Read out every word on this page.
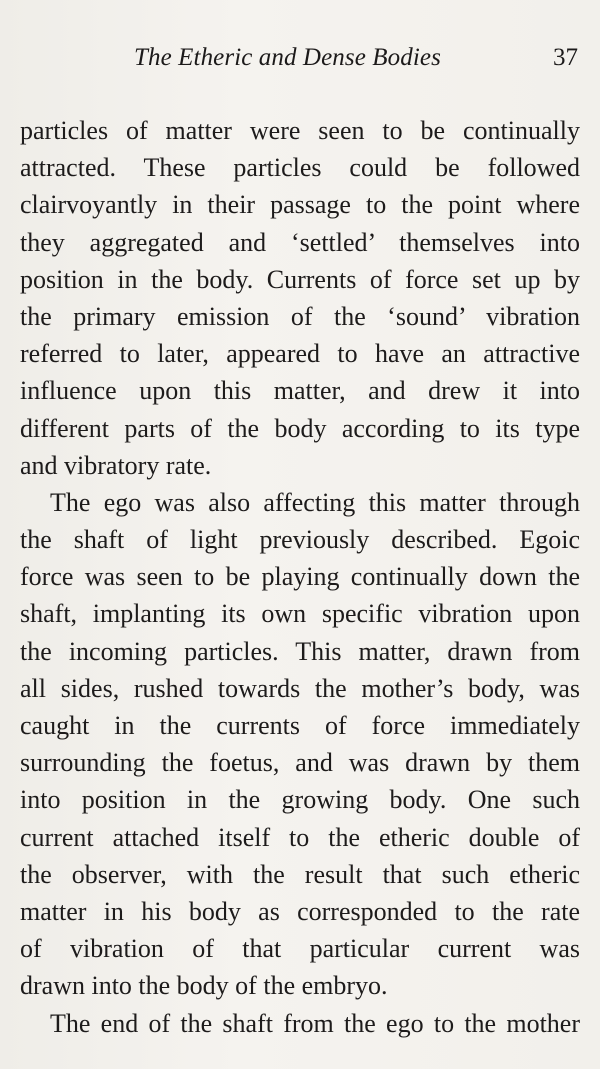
The Etheric and Dense Bodies	37
particles of matter were seen to be continually
attracted. These particles could be followed
clairvoyantly in their passage to the point where
they aggregated and ‘settled’ themselves into
position in the body. Currents of force set up by
the primary emission of the ‘sound’ vibration
referred to later, appeared to have an attractive
influence upon this matter, and drew it into
different parts of the body according to its type
and vibratory rate.
The ego was also affecting this matter through
the shaft of light previously described. Egoic
force was seen to be playing continually down the
shaft, implanting its own specific vibration upon
the incoming particles. This matter, drawn from
all sides, rushed towards the mother’s body, was
caught in the currents of force immediately
surrounding the foetus, and was drawn by them
into position in the growing body. One such
current attached itself to the etheric double of
the observer, with the result that such etheric
matter in his body as corresponded to the rate
of vibration of that particular current was
drawn into the body of the embryo.
The end of the shaft from the ego to the mother
